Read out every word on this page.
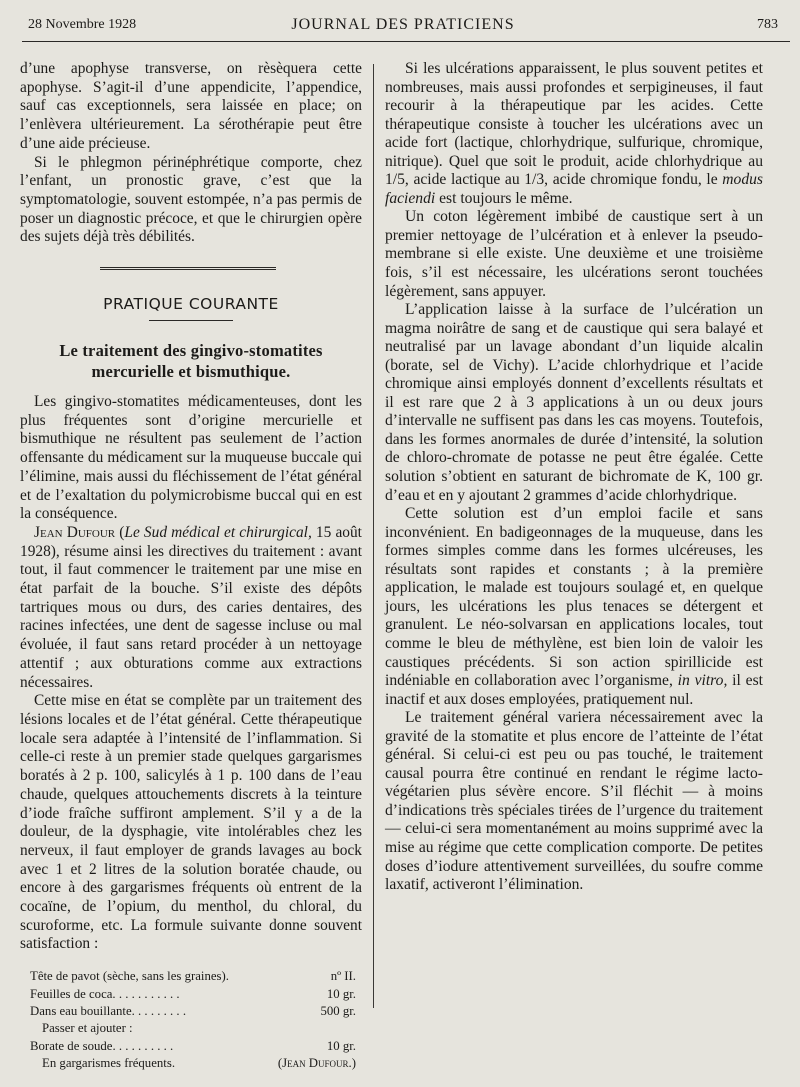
28 Novembre 1928	JOURNAL DES PRATICIENS	783

d’une apophyse transverse, on rèsèquera cette apophyse. S’agit-il d’une appendicite, l’appendice, sauf cas exceptionnels, sera laissée en place; on l’enlèvera ultérieurement. La sérothérapie peut être d’une aide précieuse.

Si le phlegmon périnéphrétique comporte, chez l’enfant, un pronostic grave, c’est que la symptomatologie, souvent estompée, n’a pas permis de poser un diagnostic précoce, et que le chirurgien opère des sujets déjà très débilités.

PRATIQUE COURANTE
Le traitement des gingivo-stomatites
mercurielle et bismuthique.

Les gingivo-stomatites médicamenteuses, dont les plus fréquentes sont d’origine mercurielle et bismuthique ne résultent pas seulement de l’action offensante du médicament sur la muqueuse buccale qui l’élimine, mais aussi du fléchissement de l’état général et de l’exaltation du polymicrobisme buccal qui en est la conséquence.

Jean Dufour (Le Sud médical et chirurgical, 15 août 1928), résume ainsi les directives du traitement : avant tout, il faut commencer le traitement par une mise en état parfait de la bouche. S’il existe des dépôts tartriques mous ou durs, des caries dentaires, des racines infectées, une dent de sagesse incluse ou mal évoluée, il faut sans retard procéder à un nettoyage attentif ; aux obturations comme aux extractions nécessaires.

Cette mise en état se complète par un traitement des lésions locales et de l’état général. Cette thérapeutique locale sera adaptée à l’intensité de l’inflammation. Si celle-ci reste à un premier stade quelques gargarismes boratés à 2 p. 100, salicylés à 1 p. 100 dans de l’eau chaude, quelques attouchements discrets à la teinture d’iode fraîche suffiront amplement. S’il y a de la douleur, de la dysphagie, vite intolérables chez les nerveux, il faut employer de grands lavages au bock avec 1 et 2 litres de la solution boratée chaude, ou encore à des gargarismes fréquents où entrent de la cocaïne, de l’opium, du menthol, du chloral, du scuroforme, etc. La formule suivante donne souvent satisfaction :

Tête de pavot (sèche, sans les graines).	nº II.
Feuilles de coca. . . . . . . . . . .	10 gr.
Dans eau bouillante. . . . . . . . .	500 gr.
Passer et ajouter :
Borate de soude. . . . . . . . . .	10 gr.
En gargarismes fréquents.	(Jean Dufour.)

Si les ulcérations apparaissent, le plus souvent petites et nombreuses, mais aussi profondes et serpigineuses, il faut recourir à la thérapeutique par les acides. Cette thérapeutique consiste à toucher les ulcérations avec un acide fort (lactique, chlorhydrique, sulfurique, chromique, nitrique). Quel que soit le produit, acide chlorhydrique au 1/5, acide lactique au 1/3, acide chromique fondu, le modus faciendi est toujours le même.

Un coton légèrement imbibé de caustique sert à un premier nettoyage de l’ulcération et à enlever la pseudo-membrane si elle existe. Une deuxième et une troisième fois, s’il est nécessaire, les ulcérations seront touchées légèrement, sans appuyer.

L’application laisse à la surface de l’ulcération un magma noirâtre de sang et de caustique qui sera balayé et neutralisé par un lavage abondant d’un liquide alcalin (borate, sel de Vichy). L’acide chlorhydrique et l’acide chromique ainsi employés donnent d’excellents résultats et il est rare que 2 à 3 applications à un ou deux jours d’intervalle ne suffisent pas dans les cas moyens. Toutefois, dans les formes anormales de durée d’intensité, la solution de chloro-chromate de potasse ne peut être égalée. Cette solution s’obtient en saturant de bichromate de K, 100 gr. d’eau et en y ajoutant 2 grammes d’acide chlorhydrique.

Cette solution est d’un emploi facile et sans inconvénient. En badigeonnages de la muqueuse, dans les formes simples comme dans les formes ulcéreuses, les résultats sont rapides et constants ; à la première application, le malade est toujours soulagé et, en quelque jours, les ulcérations les plus tenaces se détergent et granulent. Le néo-solvarsan en applications locales, tout comme le bleu de méthylène, est bien loin de valoir les caustiques précédents. Si son action spirillicide est indéniable en collaboration avec l’organisme, in vitro, il est inactif et aux doses employées, pratiquement nul.

Le traitement général variera nécessairement avec la gravité de la stomatite et plus encore de l’atteinte de l’état général. Si celui-ci est peu ou pas touché, le traitement causal pourra être continué en rendant le régime lacto-végétarien plus sévère encore. S’il fléchit — à moins d’indications très spéciales tirées de l’urgence du traitement — celui-ci sera momentanément au moins supprimé avec la mise au régime que cette complication comporte. De petites doses d’iodure attentivement surveillées, du soufre comme laxatif, activeront l’élimination.
